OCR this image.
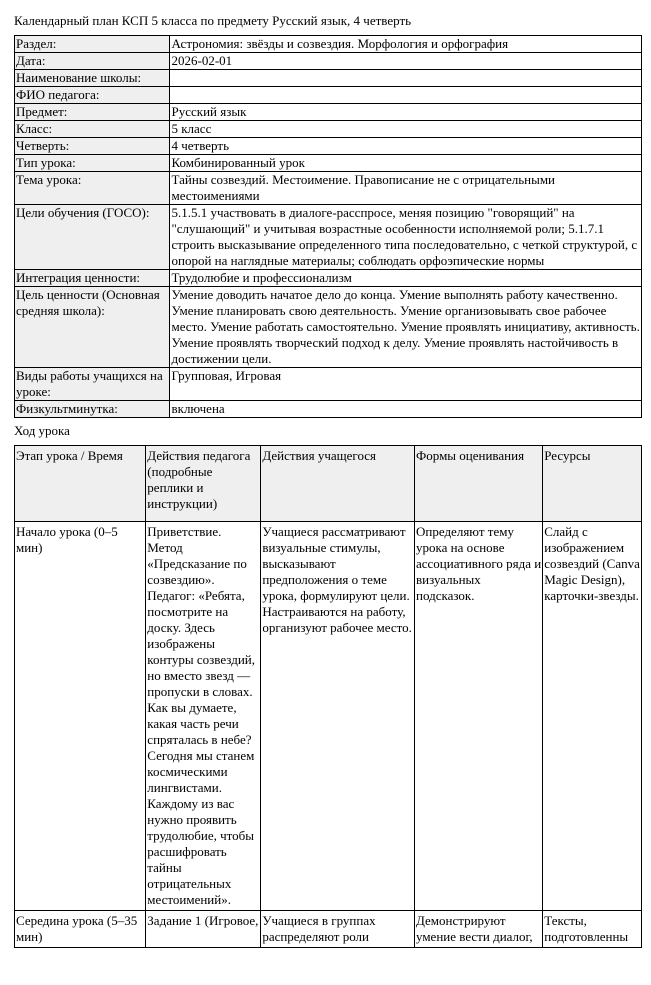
Календарный план КСП 5 класса по предмету Русский язык, 4 четверть
Раздел:	Астрономия: звёзды и созвездия. Морфология и орфография
Дата:	2026-02-01
Наименование школы:	
ФИО педагога:	
Предмет:	Русский язык
Класс:	5 класс
Четверть:	4 четверть
Тип урока:	Комбинированный урок
Тема урока:	Тайны созвездий. Местоимение. Правописание не с отрицательными местоимениями
Цели обучения (ГОСО):	5.1.5.1 участвовать в диалоге-расспросе, меняя позицию "говорящий" на "слушающий" и учитывая возрастные особенности исполняемой роли; 5.1.7.1 строить высказывание определенного типа последовательно, с четкой структурой, с опорой на наглядные материалы; соблюдать орфоэпические нормы
Интеграция ценности:	Трудолюбие и профессионализм
Цель ценности (Основная средняя школа):	Умение доводить начатое дело до конца. Умение выполнять работу качественно. Умение планировать свою деятельность. Умение организовывать свое рабочее место. Умение работать самостоятельно. Умение проявлять инициативу, активность. Умение проявлять творческий подход к делу. Умение проявлять настойчивость в достижении цели.
Виды работы учащихся на уроке:	Групповая, Игровая
Физкультминутка:	включена
Ход урока
Этап урока / Время	Действия педагога (подробные реплики и инструкции)	Действия учащегося	Формы оценивания	Ресурсы
Начало урока (0–5 мин)	Приветствие. Метод «Предсказание по созвездию». Педагог: «Ребята, посмотрите на доску. Здесь изображены контуры созвездий, но вместо звезд — пропуски в словах. Как вы думаете, какая часть речи спряталась в небе? Сегодня мы станем космическими лингвистами. Каждому из вас нужно проявить трудолюбие, чтобы расшифровать тайны отрицательных местоимений».	Учащиеся рассматривают визуальные стимулы, высказывают предположения о теме урока, формулируют цели. Настраиваются на работу, организуют рабочее место.	Определяют тему урока на основе ассоциативного ряда и визуальных подсказок.	Слайд с изображением созвездий (Canva Magic Design), карточки-звезды.
Середина урока (5–35 мин)	Задание 1 (Игровое,	Учащиеся в группах распределяют роли	Демонстрируют умение вести диалог,	Тексты, подготовленны
